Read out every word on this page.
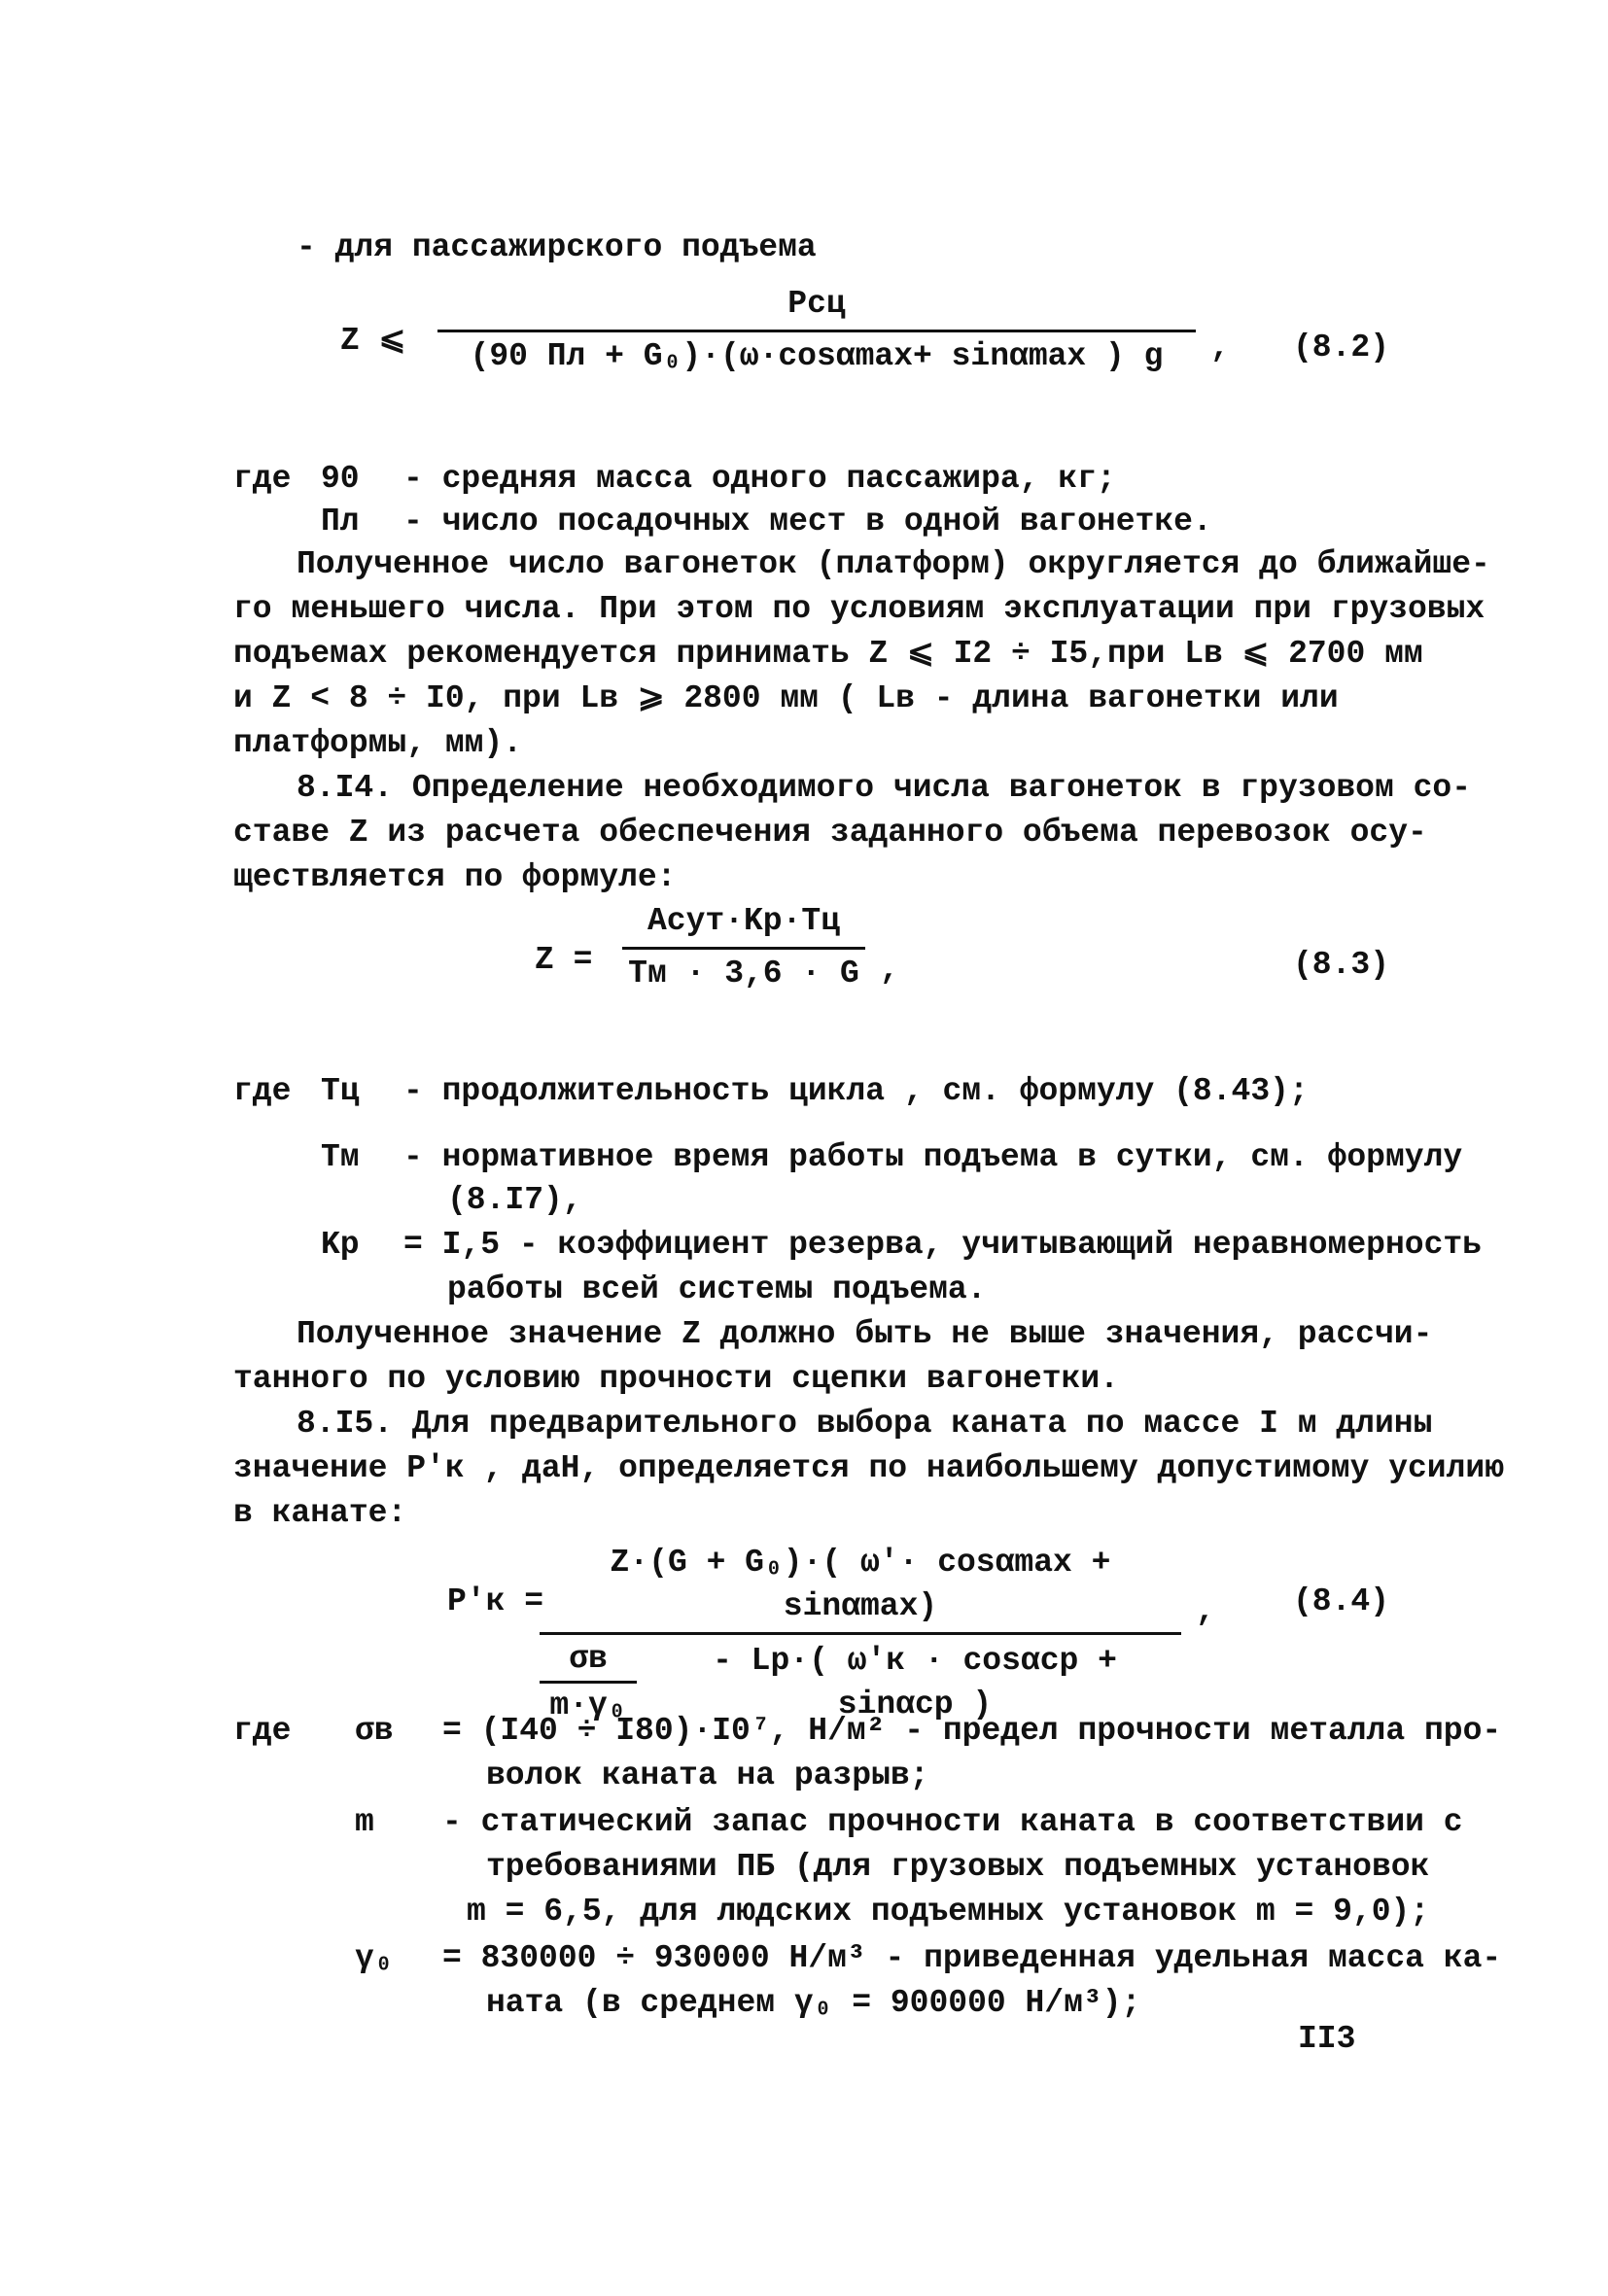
- для пассажирского подъема
Z ⩽
Pсц
(90 Пл + G₀)·(ω·cosαmax+ sinαmax ) g	, (8.2)
где 90 - средняя масса одного пассажира, кг;
Пл - число посадочных мест в одной вагонетке.
Полученное число вагонеток (платформ) округляется до ближайше-
го меньшего числа. При этом по условиям эксплуатации при грузовых
подъемах рекомендуется принимать Z ⩽ I2 ÷ I5,при Lв ⩽ 2700 мм
и Z < 8 ÷ I0, при Lв ⩾ 2800 мм ( Lв - длина вагонетки или
платформы, мм).
8.I4. Определение необходимого числа вагонеток в грузовом со-
ставе Z из расчета обеспечения заданного объема перевозок осу-
ществляется по формуле:
Z =
Aсут·Kр·Tц
Tм · 3,6 · G ,	(8.3)
где Tц - продолжительность цикла , см. формулу (8.43);
Tм - нормативное время работы подъема в сутки, см. формулу
(8.I7),
Kр = I,5 - коэффициент резерва, учитывающий неравномерность
работы всей системы подъема.
Полученное значение Z должно быть не выше значения, рассчи-
танного по условию прочности сцепки вагонетки.
8.I5. Для предварительного выбора каната по массе I м длины
значение P'к , даН, определяется по наибольшему допустимому усилию
в канате:
P'к =
Z·(G + G₀)·( ω'· cosαmax + sinαmax)
σв
m·γ₀
- Lр·( ω'к · cosαср + sinαср )
, (8.4)
где σв = (I40 ÷ I80)·I0⁷, Н/м² - предел прочности металла про-
волок каната на разрыв;
m - статический запас прочности каната в соответствии с
требованиями ПБ (для грузовых подъемных установок
m = 6,5, для людских подъемных установок m = 9,0);
γ₀ = 830000 ÷ 930000 Н/м³ - приведенная удельная масса ка-
ната (в среднем γ₀ = 900000 Н/м³);
II3
